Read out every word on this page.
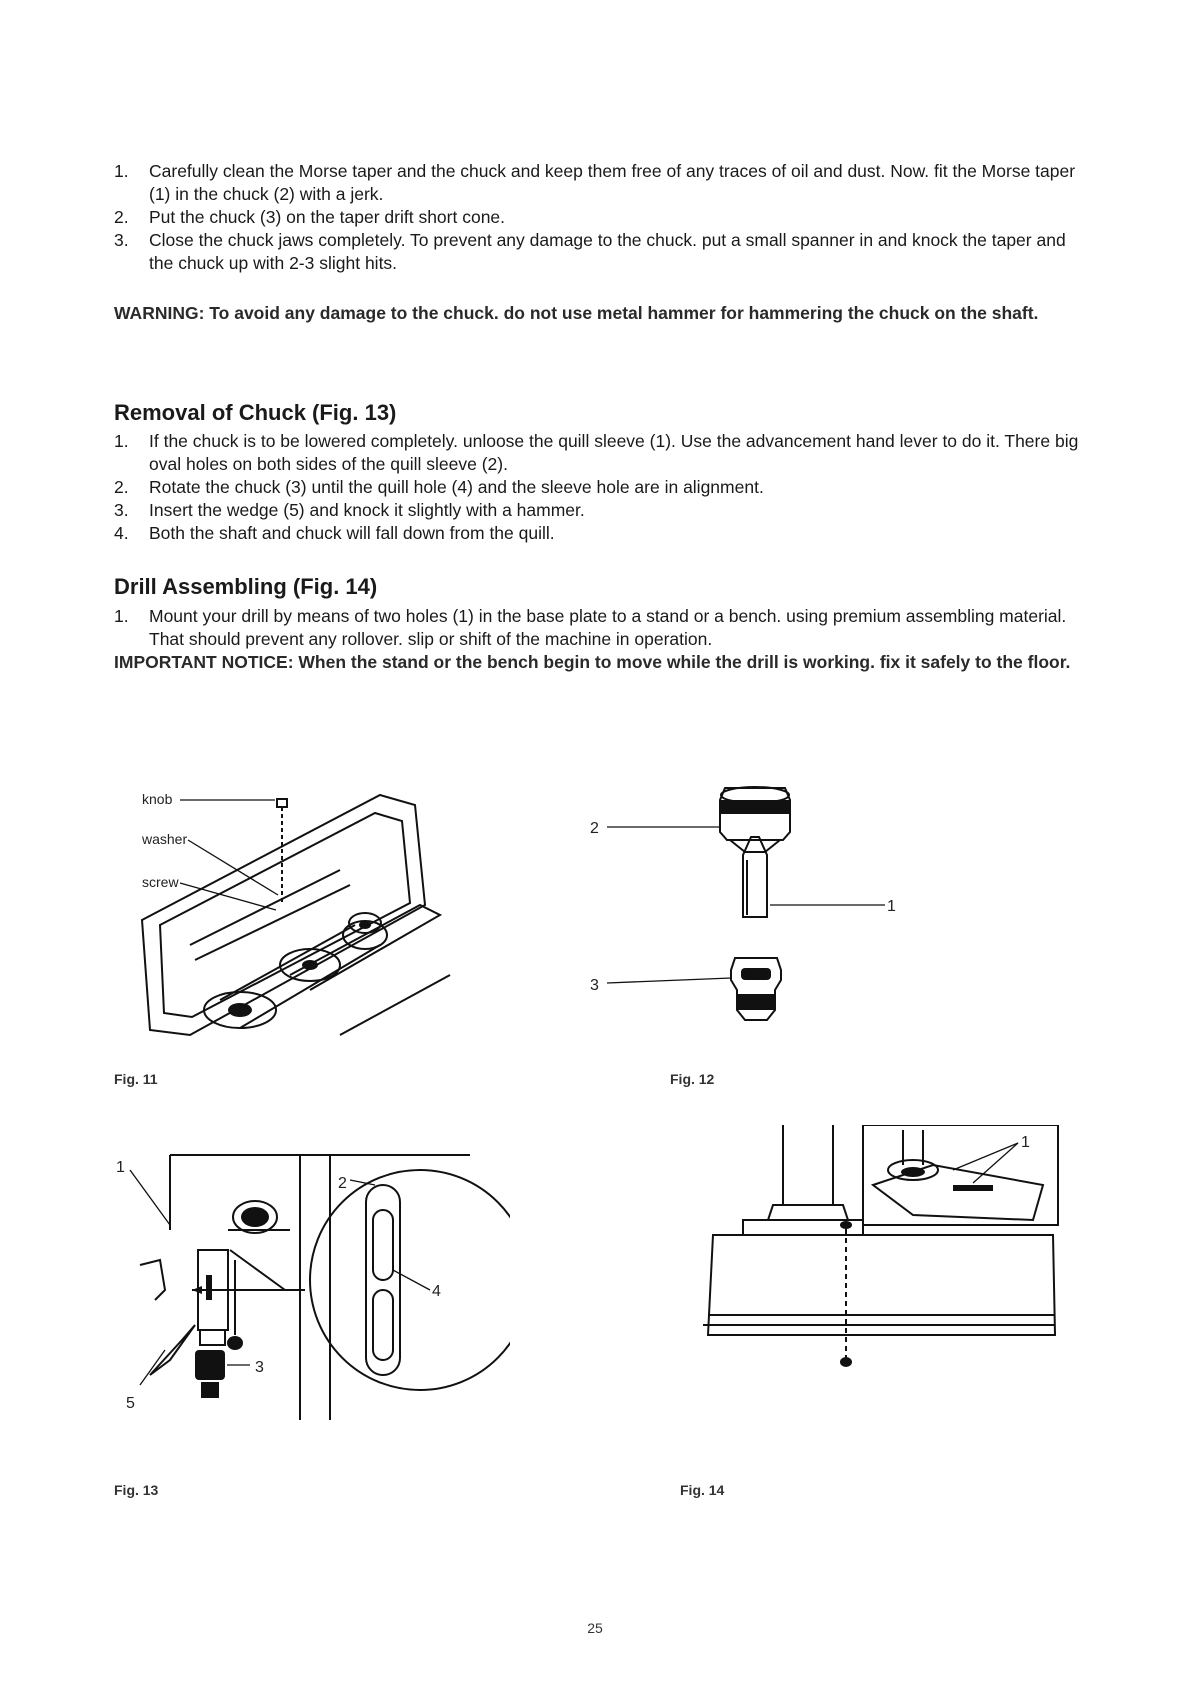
1. Carefully clean the Morse taper and the chuck and keep them free of any traces of oil and dust. Now. fit the Morse taper (1) in the chuck (2) with a jerk.
2. Put the chuck (3) on the taper drift short cone.
3. Close the chuck jaws completely. To prevent any damage to the chuck. put a small spanner in and knock the taper and the chuck up with 2-3 slight hits.
WARNING: To avoid any damage to the chuck. do not use metal hammer for hammering the chuck on the shaft.
Removal of Chuck (Fig. 13)
1. If the chuck is to be lowered completely. unloose the quill sleeve (1). Use the advancement hand lever to do it. There big oval holes on both sides of the quill sleeve (2).
2. Rotate the chuck (3) until the quill hole (4) and the sleeve hole are in alignment.
3. Insert the wedge (5) and knock it slightly with a hammer.
4. Both the shaft and chuck will fall down from the quill.
Drill Assembling (Fig. 14)
1. Mount your drill by means of two holes (1) in the base plate to a stand or a bench. using premium assembling material. That should prevent any rollover. slip or shift of the machine in operation.
IMPORTANT NOTICE: When the stand or the bench begin to move while the drill is working. fix it safely to the floor.
knob
washer
screw
Fig. 11
2
1
3
Fig. 12
1
2
4
5
3
Fig. 13
1
Fig. 14
25
